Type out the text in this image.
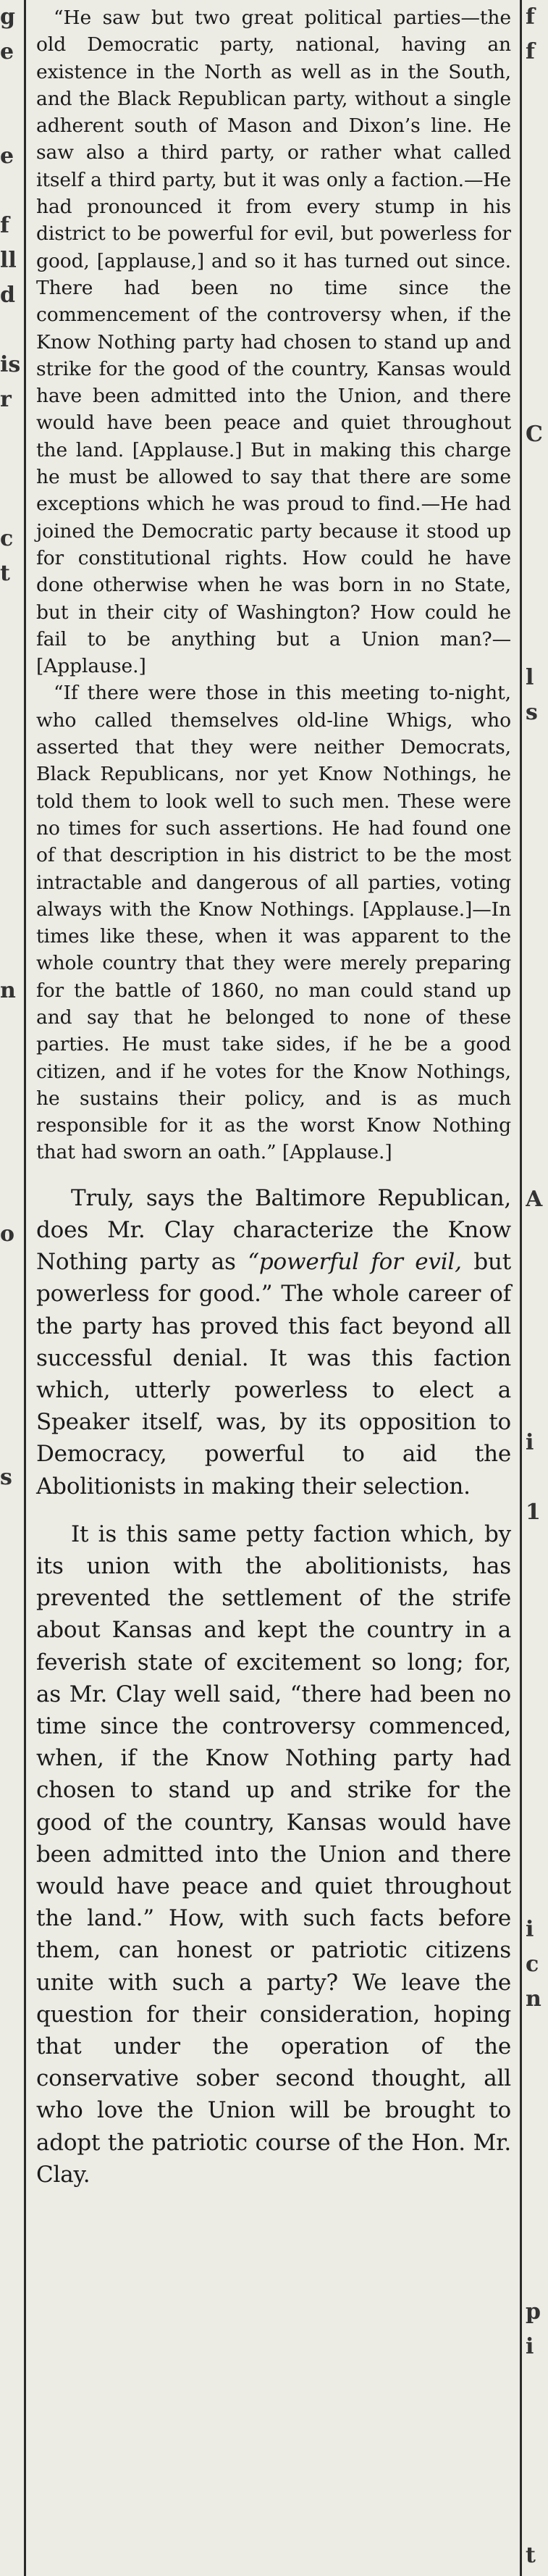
g
e
e
f
ll
d
is
r
c
t
n
o
s

“He saw but two great political parties—the old Democratic party, national, having an existence in the North as well as in the South, and the Black Republican party, without a single adherent south of Mason and Dixon’s line. He saw also a third party, or rather what called itself a third party, but it was only a faction.—He had pronounced it from every stump in his district to be powerful for evil, but powerless for good, [applause,] and so it has turned out since. There had been no time since the commencement of the controversy when, if the Know Nothing party had chosen to stand up and strike for the good of the country, Kansas would have been admitted into the Union, and there would have been peace and quiet throughout the land. [Applause.] But in making this charge he must be allowed to say that there are some exceptions which he was proud to find.—He had joined the Democratic party because it stood up for constitutional rights. How could he have done otherwise when he was born in no State, but in their city of Washington? How could he fail to be anything but a Union man?—[Applause.]

“If there were those in this meeting to-night, who called themselves old-line Whigs, who asserted that they were neither Democrats, Black Republicans, nor yet Know Nothings, he told them to look well to such men. These were no times for such assertions. He had found one of that description in his district to be the most intractable and dangerous of all parties, voting always with the Know Nothings. [Applause.]—In times like these, when it was apparent to the whole country that they were merely preparing for the battle of 1860, no man could stand up and say that he belonged to none of these parties. He must take sides, if he be a good citizen, and if he votes for the Know Nothings, he sustains their policy, and is as much responsible for it as the worst Know Nothing that had sworn an oath.” [Applause.]

Truly, says the Baltimore Republican, does Mr. Clay characterize the Know Nothing party as “powerful for evil, but powerless for good.” The whole career of the party has proved this fact beyond all successful denial. It was this faction which, utterly powerless to elect a Speaker itself, was, by its opposition to Democracy, powerful to aid the Abolitionists in making their selection.

It is this same petty faction which, by its union with the abolitionists, has prevented the settlement of the strife about Kansas and kept the country in a feverish state of excitement so long; for, as Mr. Clay well said, “there had been no time since the controversy commenced, when, if the Know Nothing party had chosen to stand up and strike for the good of the country, Kansas would have been admitted into the Union and there would have peace and quiet throughout the land.” How, with such facts before them, can honest or patriotic citizens unite with such a party? We leave the question for their consideration, hoping that under the operation of the conservative sober second thought, all who love the Union will be brought to adopt the patriotic course of the Hon. Mr. Clay.

f
f
C
l
s
A
i
1
i
c
n
p
i
t
